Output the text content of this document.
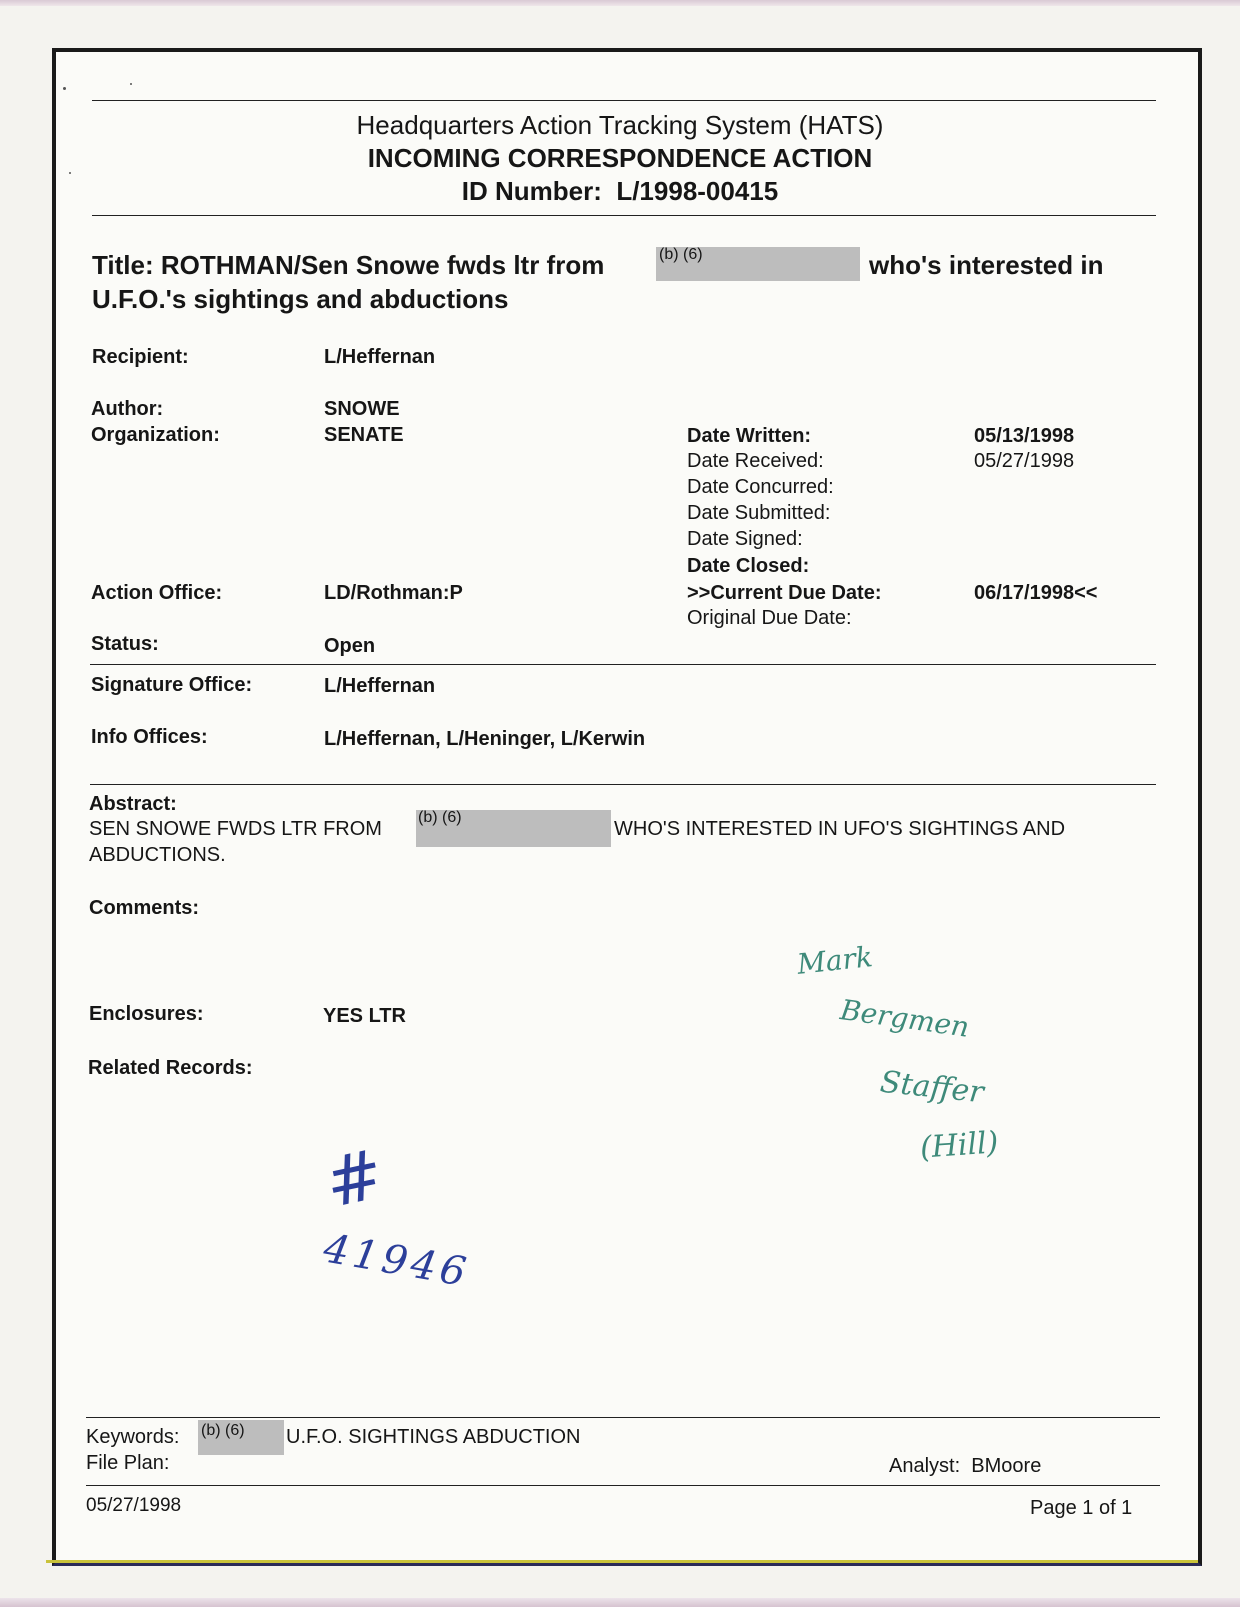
Headquarters Action Tracking System (HATS)
INCOMING CORRESPONDENCE ACTION
ID Number: L/1998-00415
Title: ROTHMAN/Sen Snowe fwds ltr from	(b) (6)	who's interested in
U.F.O.'s sightings and abductions
Recipient:	L/Heffernan
Author:	SNOWE
Organization:	SENATE
Action Office:	LD/Rothman:P
Status:	Open
Date Written:	05/13/1998
Date Received:	05/27/1998
Date Concurred:
Date Submitted:
Date Signed:
Date Closed:
>>Current Due Date:	06/17/1998<<
Original Due Date:
Signature Office:	L/Heffernan
Info Offices:	L/Heffernan, L/Heninger, L/Kerwin
Abstract:
SEN SNOWE FWDS LTR FROM
(b) (6)
WHO'S INTERESTED IN UFO'S SIGHTINGS AND
ABDUCTIONS.
Comments:
Enclosures:	YES LTR
Related Records:
Mark
Bergmen
Staffer
(Hill)
#
41946
Keywords: (b) (6) U.F.O. SIGHTINGS ABDUCTION
File Plan:	Analyst: BMoore
05/27/1998	Page 1 of 1
